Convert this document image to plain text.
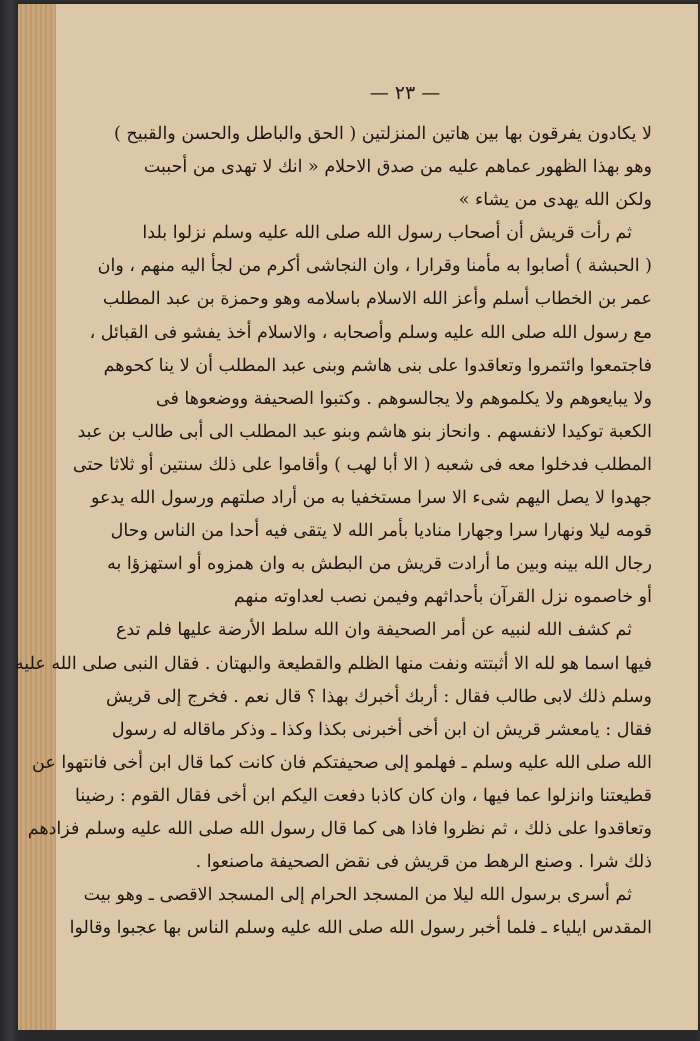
— ٢٣ —
لا يكادون يفرقون بها بين هاتين المنزلتين ( الحق والباطل والحسن والقبيح )
وهو بهذا الظهور عماهم عليه من صدق الاحلام « انك لا تهدى من أحببت
ولكن الله يهدى من يشاء »
ثم رأت قريش أن أصحاب رسول الله صلى الله عليه وسلم نزلوا بلدا
( الحبشة ) أصابوا به مأمنا وقرارا ، وان النجاشى أكرم من لجأ اليه منهم ، وان
عمر بن الخطاب أسلم وأعز الله الاسلام باسلامه وهو وحمزة بن عبد المطلب
مع رسول الله صلى الله عليه وسلم وأصحابه ، والاسلام أخذ يفشو فى القبائل ،
فاجتمعوا وائتمروا وتعاقدوا على بنى هاشم وبنى عبد المطلب أن لا ينا كحوهم
ولا يبايعوهم ولا يكلموهم ولا يجالسوهم . وكتبوا الصحيفة ووضعوها فى
الكعبة توكيدا لانفسهم . وانحاز بنو هاشم وبنو عبد المطلب الى أبى طالب بن عبد
المطلب فدخلوا معه فى شعبه ( الا أبا لهب ) وأقاموا على ذلك سنتين أو ثلاثا حتى
جهدوا لا يصل اليهم شىء الا سرا مستخفيا به من أراد صلتهم ورسول الله يدعو
قومه ليلا ونهارا سرا وجهارا مناديا بأمر الله لا يتقى فيه أحدا من الناس وحال
رجال الله بينه وبين ما أرادت قريش من البطش به وان همزوه أو استهزؤا به
أو خاصموه نزل القرآن بأحداثهم وفيمن نصب لعداوته منهم
ثم كشف الله لنبيه عن أمر الصحيفة وان الله سلط الأرضة عليها فلم تدع
فيها اسما هو لله الا أثبتته ونفت منها الظلم والقطيعة والبهتان . فقال النبى صلى الله عليه
وسلم ذلك لابى طالب فقال : أربك أخبرك بهذا ؟ قال نعم . فخرج إلى قريش
فقال : يامعشر قريش ان ابن أخى أخبرنى بكذا وكذا ـ وذكر ماقاله له رسول
الله صلى الله عليه وسلم ـ فهلمو إلى صحيفتكم فان كانت كما قال ابن أخى فانتهوا عن
قطيعتنا وانزلوا عما فيها ، وان كان كاذبا دفعت اليكم ابن أخى فقال القوم : رضينا
وتعاقدوا على ذلك ، ثم نظروا فاذا هى كما قال رسول الله صلى الله عليه وسلم فزادهم
ذلك شرا . وصنع الرهط من قريش فى نقض الصحيفة ماصنعوا .
ثم أسرى برسول الله ليلا من المسجد الحرام إلى المسجد الاقصى ـ وهو بيت
المقدس ايلياء ـ فلما أخبر رسول الله صلى الله عليه وسلم الناس بها عجبوا وقالوا
